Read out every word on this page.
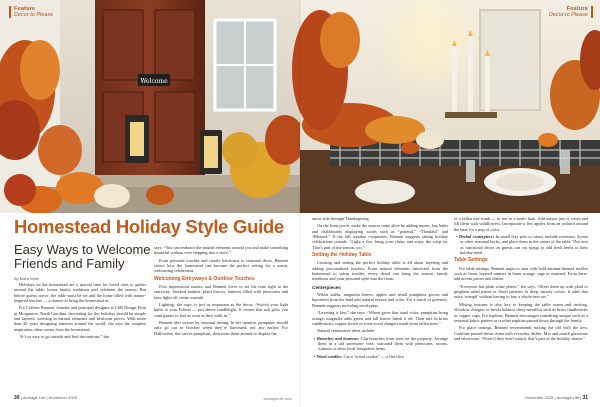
Welcome
Feature
Decor to Please
Homestead Holiday Style Guide
Easy Ways to Welcome Friends and Family
By Mara Wirth

Holidays on the homestead are a special time for loved ones to gather around the table, honor family traditions and celebrate the season. But before guests arrive, the table must be set and the home filled with nature-inspired touches — a chance to bring the homestead in.

For Colleen Bennett, founder and principal designer at CSB Design Firm in Morganton, North Carolina, decorating for the holidays should be simple and layered, weaving in natural elements and heirloom pieces. With more than 20 years designing interiors around the world, she says the simplest inspiration often comes from the homestead.

“It’s so easy to go outside and find decorations,” she

says. “You can embrace the natural elements around you and make something beautiful without ever stepping into a store.”

From personal touches and family heirlooms to seasonal decor, Bennett shows how the homestead can become the perfect setting for a warm, welcoming celebration.

Welcoming Entryways & Outdoor Touches

First impressions matter, and Bennett loves to set the tone right at the entryway. Stacked baskets, plaid throws, lanterns filled with pinecones and faux lights all create warmth.

Lighting, she says, is just as important as the decor. “Switch your light bulbs to your Edison — just above candlelight. It creates that soft glow you want guests to feel as soon as they walk in.”

Bennett also swears by seasonal timing. In her opinion, pumpkins should only go out in October when they’re harvested, not any earlier. For Halloween, she carves pumpkins, then turns them around to display the

30 | Acreage Life | November 2025	AcreageLife.com
Feature
Decor to Please

uncut side through Thanksgiving.

On the front porch, make the season come alive by adding mums, hay bales and chalkboards displaying words such as “grateful,” “Thankful” and “Blessed.” If the fall weather cooperates, Bennett suggests taking holiday celebrations outside. “Light a fire, bring your chairs and enjoy the crisp air. That’s part of the season, too.”

Setting the Holiday Table

Creating and setting the perfect holiday table is all about layering and adding personalized touches. From natural elements harvested from the homestead to warm textiles, every detail can bring the season, family traditions and your personal style into the room.

Centerpieces

Wheat stalks, magnolia leaves, apples and small pumpkins grown and harvested from the land add natural texture and color. For a touch of greenery, Bennett suggests including eucalyptus.

“Layering is key,” she says. “Wheat gives that tonal color, pumpkins bring orange, magnolia adds green and fall leaves finish it off. Then mix in brass candlesticks, copper bowls or even wood chargers made from fallen trees.”

Natural centerpiece ideas include:

• Branches and lanterns: Clip branches from trees on the property. Arrange them in a tall stoneware vase, surround them with pinecones, acorns, walnuts or other local forageable items.

• Wood candles: Cut a “wood cookie” — a flat slice

of a fallen tree trunk — to use as a rustic base. Add mason jars or vases and fill them with wildflowers. Incorporate a few apples from an orchard around the base for a pop of color.

• Herbal centerpiece: In small clay pots or vases, include rosemary, thyme or other seasonal herbs, and place them in the center of the table. This acts as functional decor, as guests can cut sprigs to add fresh herbs to their holiday meal.

Table Settings

For table settings, Bennett urges to start with bold autumn-themed textiles such as linen, layered runners in burnt orange, sage or mustard. From there, add accent pieces and dishes.

“Everyone has plain white plates,” she says. “Dress them up with plaid or gingham salad plates or floral patterns in deep, moody colors. It adds that extra ‘oomph’ without having to buy a whole new set.”

Mixing textures is also key to keeping the table warm and inviting. Woodcut chargers or bowls balance shiny metallics such as brass candlesticks or copper cups. For napkins, Bennett encourages something unique such as a seasonal fabric pattern or crochet napkins passed down through the family.

For place settings, Bennett recommends mixing the old with the new. Combine passed-down china with everyday dishes. Mix and match glassware and silverware. “Even if they don’t match, that’s part of the holiday charm.”

November 2025 | Acreage Life | 31
